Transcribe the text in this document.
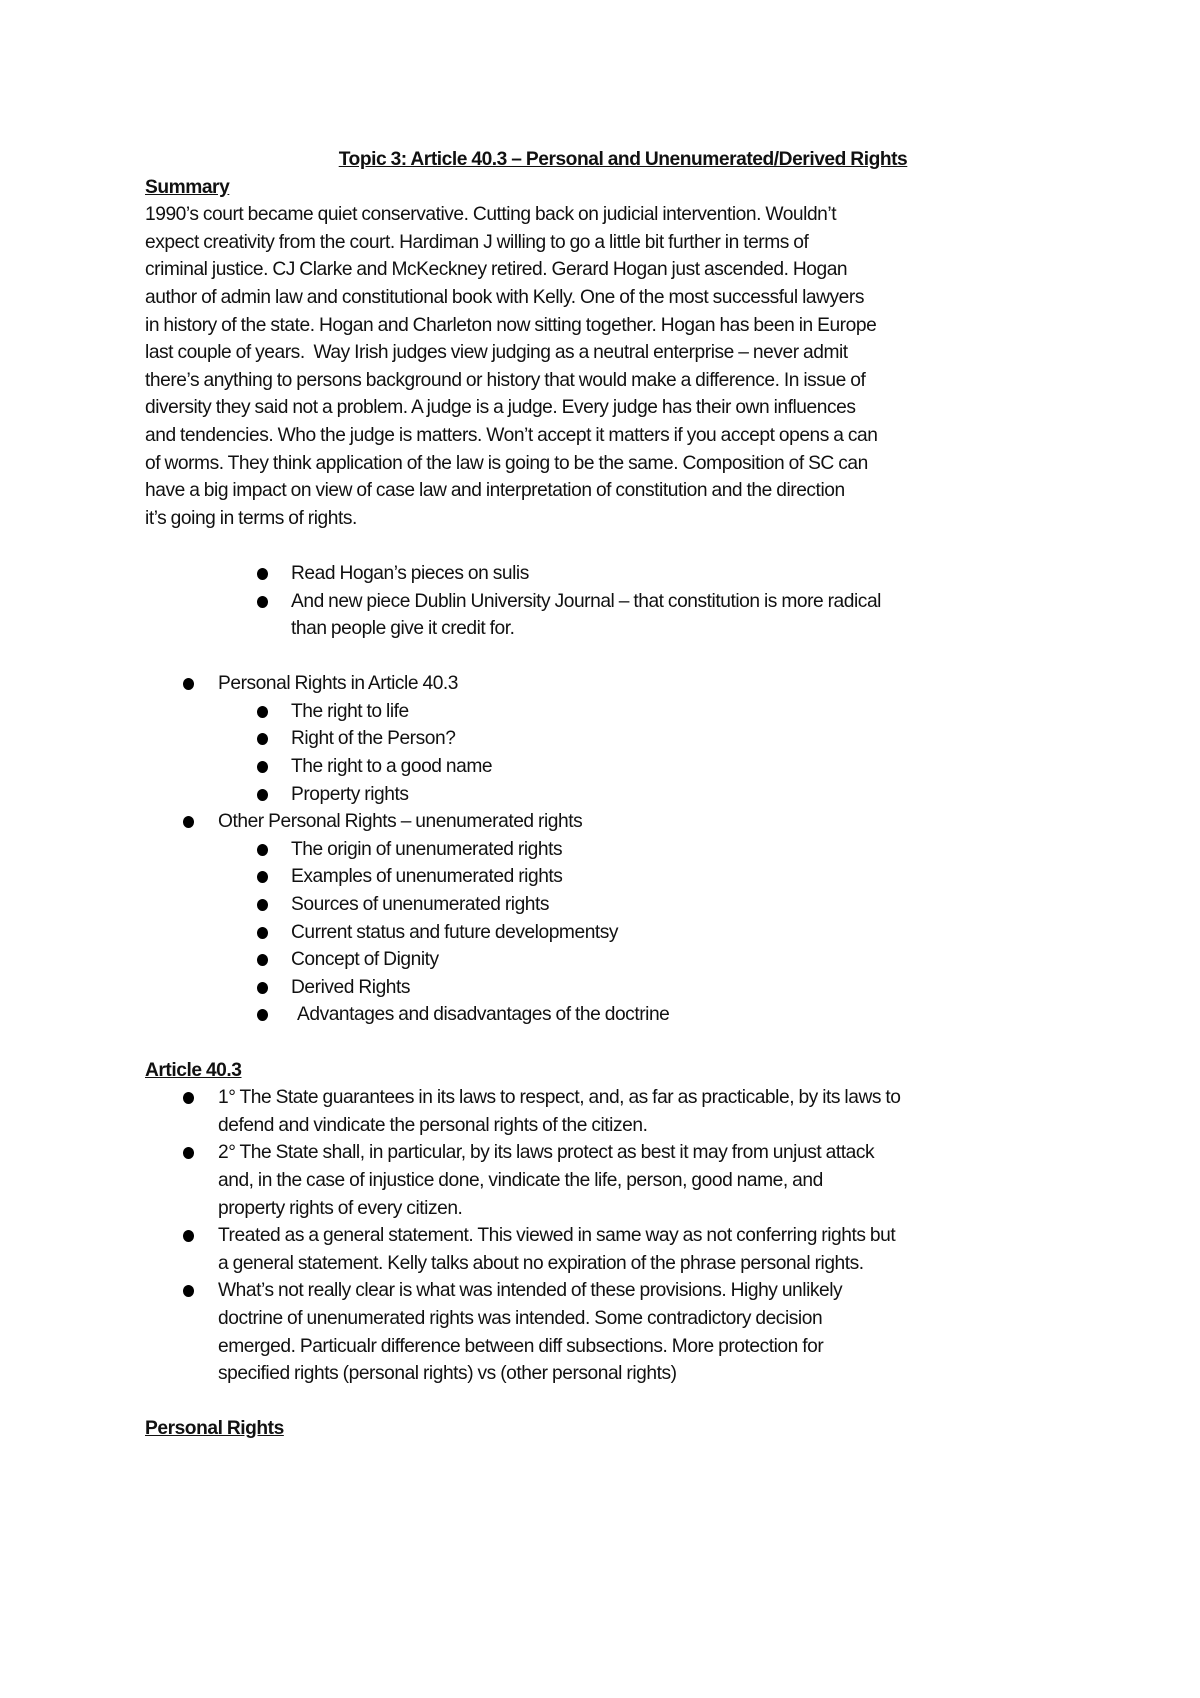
Topic 3: Article 40.3 – Personal and Unenumerated/Derived Rights

Summary

1990’s court became quiet conservative. Cutting back on judicial intervention. Wouldn’t
expect creativity from the court. Hardiman J willing to go a little bit further in terms of
criminal justice. CJ Clarke and McKeckney retired. Gerard Hogan just ascended. Hogan
author of admin law and constitutional book with Kelly. One of the most successful lawyers
in history of the state. Hogan and Charleton now sitting together. Hogan has been in Europe
last couple of years.  Way Irish judges view judging as a neutral enterprise – never admit
there’s anything to persons background or history that would make a difference. In issue of
diversity they said not a problem. A judge is a judge. Every judge has their own influences
and tendencies. Who the judge is matters. Won’t accept it matters if you accept opens a can
of worms. They think application of the law is going to be the same. Composition of SC can
have a big impact on view of case law and interpretation of constitution and the direction
it’s going in terms of rights.
Read Hogan’s pieces on sulis
And new piece Dublin University Journal – that constitution is more radical
than people give it credit for.
Personal Rights in Article 40.3
The right to life
Right of the Person?
The right to a good name
Property rights
Other Personal Rights – unenumerated rights
The origin of unenumerated rights
Examples of unenumerated rights
Sources of unenumerated rights
Current status and future developmentsy
Concept of Dignity
Derived Rights
Advantages and disadvantages of the doctrine

Article 40.3

1° The State guarantees in its laws to respect, and, as far as practicable, by its laws to
defend and vindicate the personal rights of the citizen.
2° The State shall, in particular, by its laws protect as best it may from unjust attack
and, in the case of injustice done, vindicate the life, person, good name, and
property rights of every citizen.
Treated as a general statement. This viewed in same way as not conferring rights but
a general statement. Kelly talks about no expiration of the phrase personal rights.
What’s not really clear is what was intended of these provisions. Highy unlikely
doctrine of unenumerated rights was intended. Some contradictory decision
emerged. Particualr difference between diff subsections. More protection for
specified rights (personal rights) vs (other personal rights)

Personal Rights
